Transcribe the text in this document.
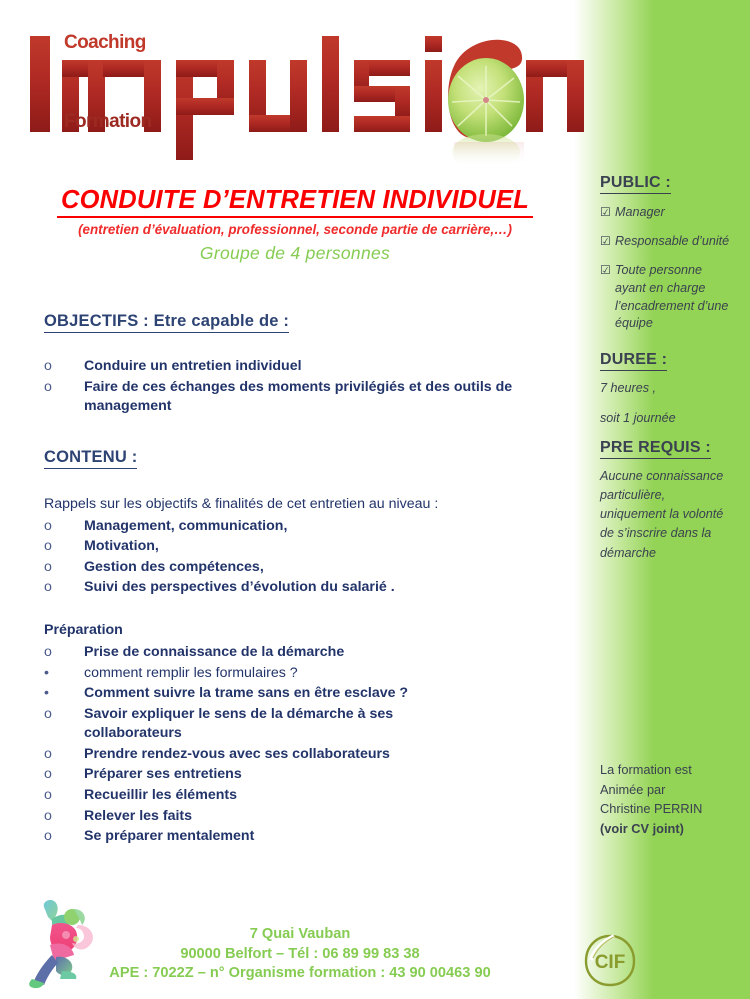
Coaching
Formation
CONDUITE D’ENTRETIEN INDIVIDUEL
(entretien d’évaluation, professionnel, seconde partie de carrière,…)
Groupe de 4 personnes
OBJECTIFS : Etre capable de :
o	Conduire un entretien individuel
o	Faire de ces échanges des moments privilégiés et des outils de management
CONTENU :
Rappels sur les objectifs & finalités de cet entretien au niveau :
o	Management, communication,
o	Motivation,
o	Gestion des compétences,
o	Suivi des perspectives d’évolution du salarié .
Préparation
o	Prise de connaissance de la démarche
•	comment remplir les formulaires ?
•	Comment suivre la trame sans en être esclave ?
o	Savoir expliquer le sens de la démarche à ses collaborateurs
o	Prendre rendez-vous avec ses collaborateurs
o	Préparer ses entretiens
o	Recueillir les éléments
o	Relever les faits
o	Se préparer mentalement
PUBLIC :
☑ Manager
☑ Responsable d’unité
☑ Toute personne ayant en charge l’encadrement d’une équipe
DUREE :
7 heures ,
soit 1 journée
PRE REQUIS :
Aucune connaissance particulière, uniquement la volonté de s’inscrire dans la démarche
La formation est
Animée par
Christine PERRIN
(voir CV joint)
7 Quai Vauban
90000 Belfort – Tél : 06 89 99 83 38
APE : 7022Z – n° Organisme formation : 43 90 00463 90
CIF
